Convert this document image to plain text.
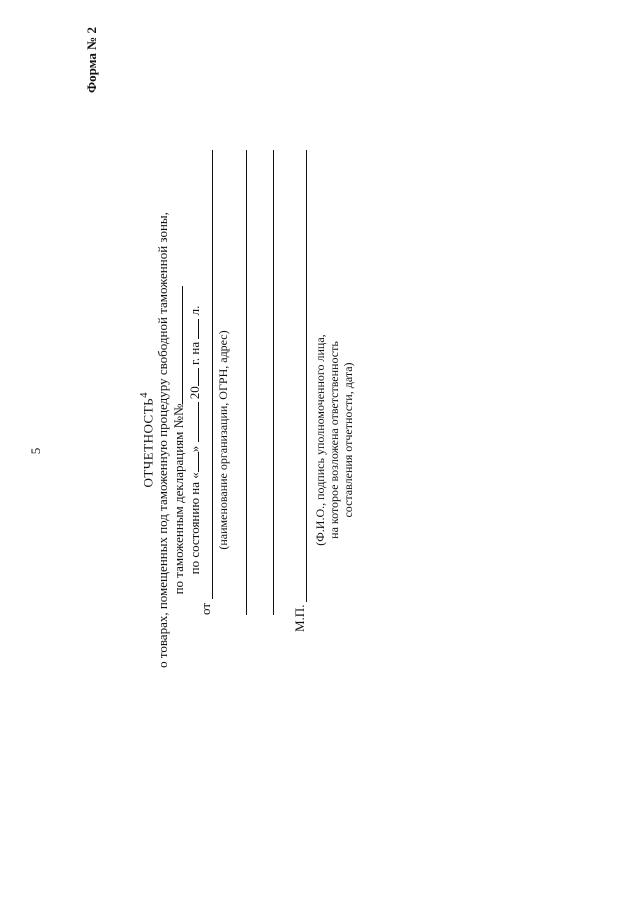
5
Форма № 2

ОТЧЕТНОСТЬ$^4$ о товарах, помещенных под таможенную процедуру свободной таможенной зоны, по таможенным декларациям №№ по состоянию на «»  20 г. на  л.

от
(наименование организации, ОГРН, адрес)
М.П.

(Ф.И.О., подпись уполномоченного лица, на которое возложена ответственность составления отчетности, дата)
